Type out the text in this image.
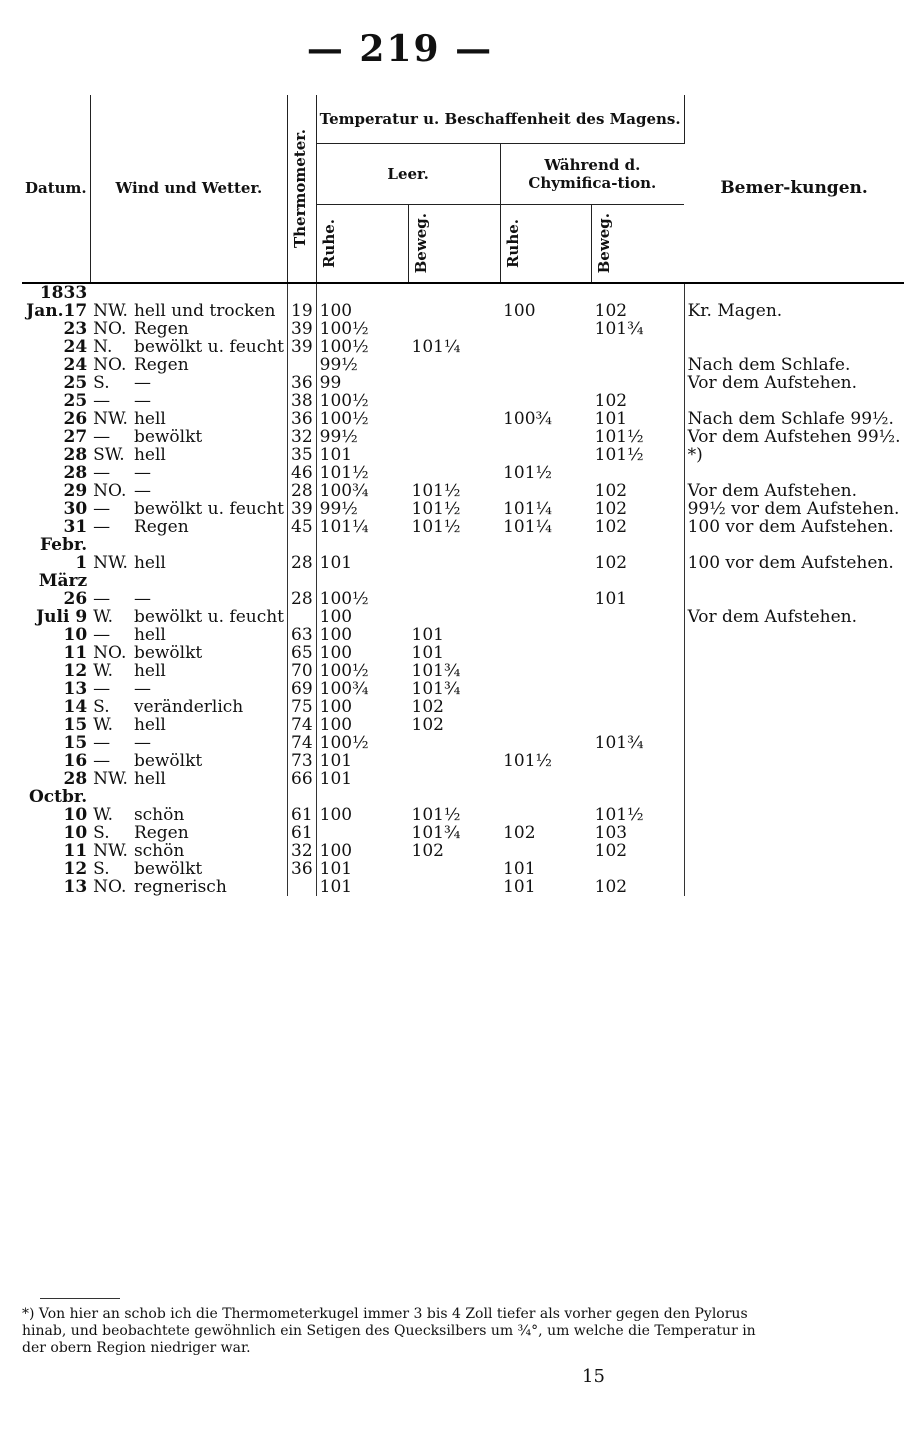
— 219 —
Datum.	Wind und Wetter.		Thermometer.	Temperatur u. Beschaffenheit des Magens.				Bemer-kungen.
				Leer.		Während d. Chymifica-tion.		

				Ruhe.	Beweg.	Ruhe.	Beweg.	

1833								
Jan.17	NW.	hell und trocken	19	100		100	102	Kr. Magen.
23	NO.	Regen	39	100½			101¾	
24	N.	bewölkt u. feucht	39	100½	101¼			
24	NO.	Regen		99½				Nach dem Schlafe.
25	S.	—	36	99				Vor dem Aufstehen.
25	—	—	38	100½			102	
26	NW.	hell	36	100½		100¾	101	Nach dem Schlafe 99½.
27	—	bewölkt	32	99½			101½	Vor dem Aufstehen 99½.
28	SW.	hell	35	101			101½	*)
28	—	—	46	101½		101½		
29	NO.	—	28	100¾	101½		102	Vor dem Aufstehen.
30	—	bewölkt u. feucht	39	99½	101½	101¼	102	99½ vor dem Aufstehen.
31	—	Regen	45	101¼	101½	101¼	102	100 vor dem Aufstehen.
Febr.								
1	NW.	hell	28	101			102	100 vor dem Aufstehen.
März								
26	—	—	28	100½			101	
Juli 9	W.	bewölkt u. feucht		100				Vor dem Aufstehen.
10	—	hell	63	100	101			
11	NO.	bewölkt	65	100	101			
12	W.	hell	70	100½	101¾			
13	—	—	69	100¾	101¾			
14	S.	veränderlich	75	100	102			
15	W.	hell	74	100	102			
15	—	—	74	100½			101¾	
16	—	bewölkt	73	101		101½		
28	NW.	hell	66	101				
Octbr.								
10	W.	schön	61	100	101½		101½	
10	S.	Regen	61		101¾	102	103	
11	NW.	schön	32	100	102		102	
12	S.	bewölkt	36	101		101		
13	NO.	regnerisch		101		101	102	
*) Von hier an schob ich die Thermometerkugel immer 3 bis 4 Zoll tiefer als vorher gegen den Pylorus hinab, und beobachtete gewöhnlich ein Setigen des Quecksilbers um ¾°, um welche die Temperatur in der obern Region niedriger war.
15
